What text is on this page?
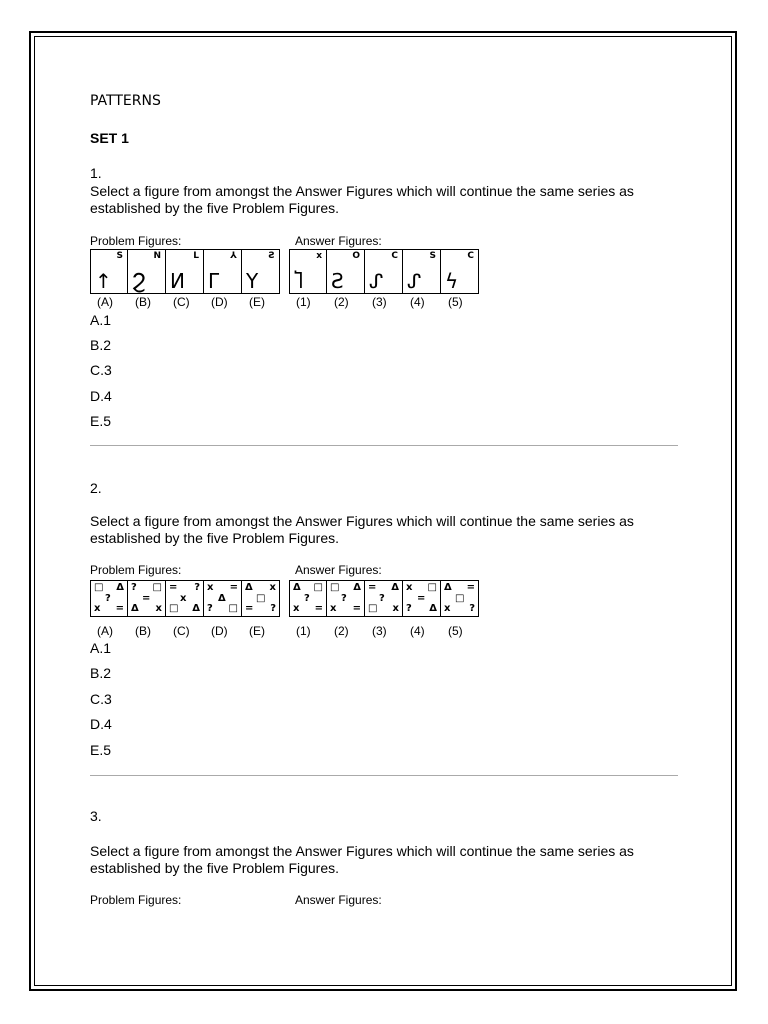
PATTERNS
SET 1
1.
Select a figure from amongst the Answer Figures which will continue the same series as established by the five Problem Figures.
Problem Figures:	Answer Figures:
S
↑
N
Ϩ
L
И
⅄
Γ
Ƨ
Y
x
Ⴈ
O
Ƨ
C
ᔑ
S
ᔑ
C
ϟ
(A) (B) (C) (D) (E)	(1) (2) (3) (4) (5)
A.1
B.2
C.3
D.4
E.5
2.
Select a figure from amongst the Answer Figures which will continue the same series as established by the five Problem Figures.
Problem Figures:	Answer Figures:
□ Δ
?
x =
? □
=
Δ x
= ?
x
□ Δ
x =
Δ
? □
Δ x
□
= ?
Δ □
?
x =
□ Δ
?
x =
= Δ
?
□ x
x □
=
? Δ
Δ =
□
x ?
(A) (B) (C) (D) (E)	(1) (2) (3) (4) (5)
A.1
B.2
C.3
D.4
E.5
3.
Select a figure from amongst the Answer Figures which will continue the same series as established by the five Problem Figures.
Problem Figures:	Answer Figures:
